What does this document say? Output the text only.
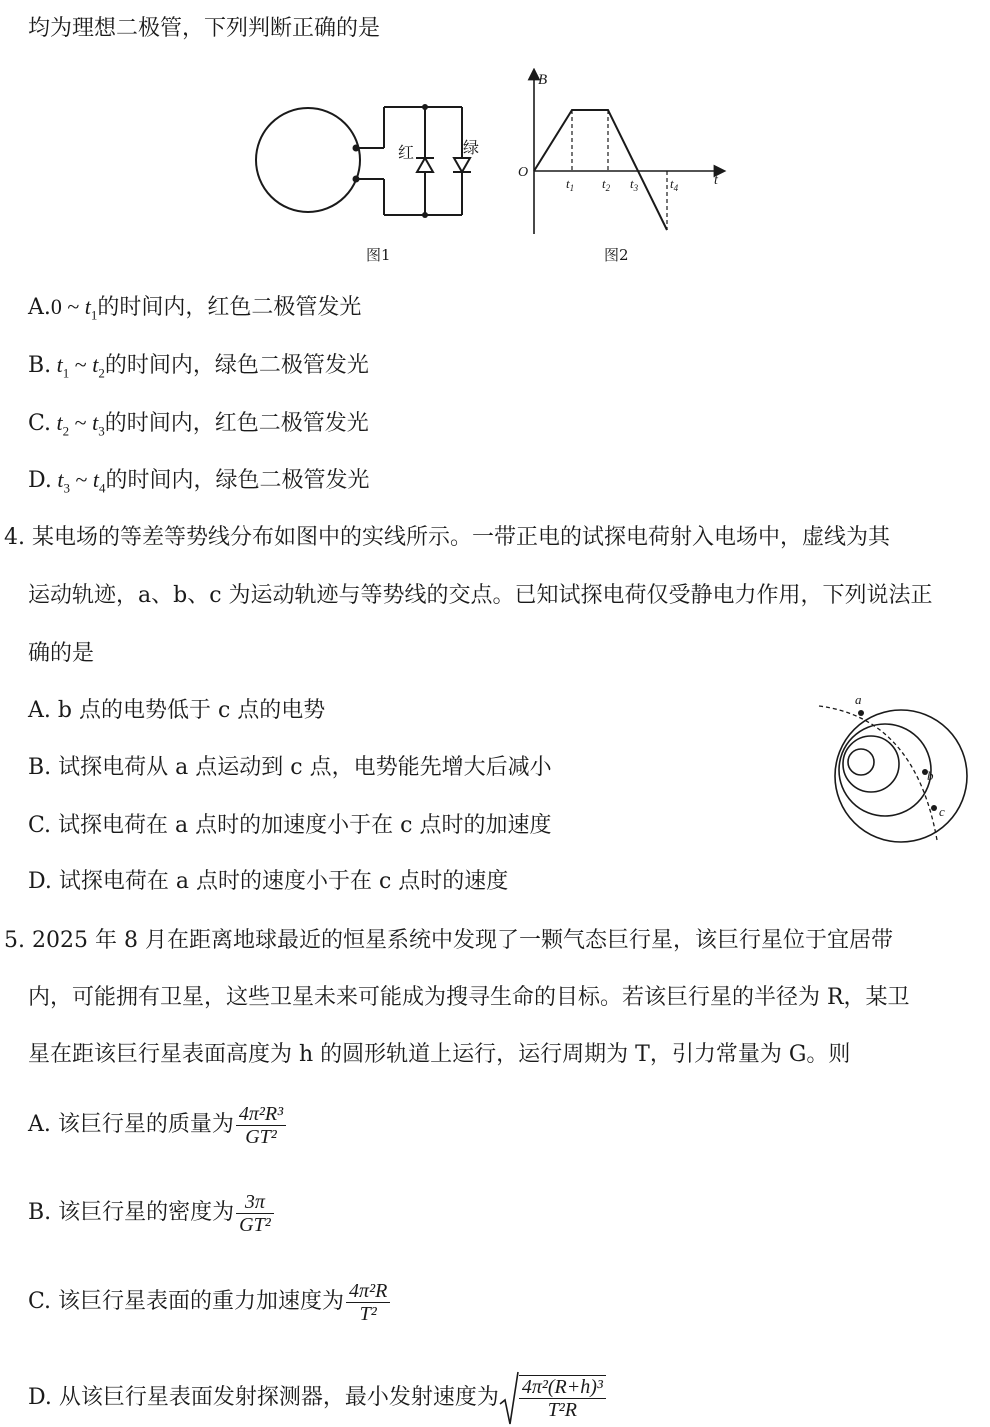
均为理想二极管，下列判断正确的是
红	绿
图1
B
t
O
$t_1$ $t_2$ $t_3$ $t_4$
图2
A.0 ~ $t_1$的时间内，红色二极管发光
B. $t_1$ ~ $t_2$的时间内，绿色二极管发光
C. $t_2$ ~ $t_3$的时间内，红色二极管发光
D. $t_3$ ~ $t_4$的时间内，绿色二极管发光
4. 某电场的等差等势线分布如图中的实线所示。一带正电的试探电荷射入电场中，虚线为其
运动轨迹，a、b、c 为运动轨迹与等势线的交点。已知试探电荷仅受静电力作用，下列说法正
确的是
A. b 点的电势低于 c 点的电势
B. 试探电荷从 a 点运动到 c 点，电势能先增大后减小
C. 试探电荷在 a 点时的加速度小于在 c 点时的加速度
D. 试探电荷在 a 点时的速度小于在 c 点时的速度
a
b
c
5. 2025 年 8 月在距离地球最近的恒星系统中发现了一颗气态巨行星，该巨行星位于宜居带
内，可能拥有卫星，这些卫星未来可能成为搜寻生命的目标。若该巨行星的半径为 R，某卫
星在距该巨行星表面高度为 h 的圆形轨道上运行，运行周期为 T，引力常量为 G。则
A. 该巨行星的质量为 $\frac{\text{4π²R³}}{\text{GT²}}$
B. 该巨行星的密度为 $\frac{3\pi}{\text{GT²}}$
C. 该巨行星表面的重力加速度为 $\frac{\text{4π²R}}{\text{T²}}$
D. 从该巨行星表面发射探测器，最小发射速度为 $\frac{\text{4π²(R+h)³}}{\text{T²R}}$
